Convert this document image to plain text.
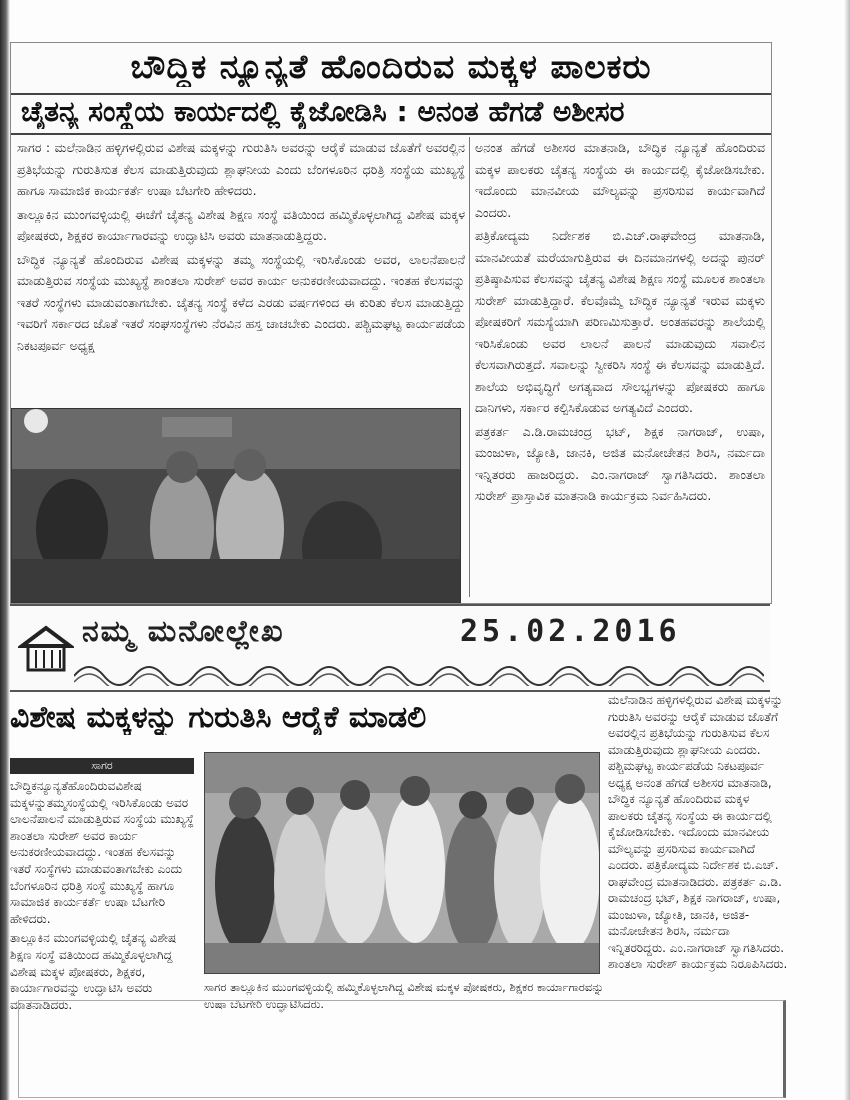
ಬೌದ್ಧಿಕ ನ್ಯೂನ್ಯತೆ ಹೊಂದಿರುವ ಮಕ್ಕಳ ಪಾಲಕರು
ಚೈತನ್ಯ ಸಂಸ್ಥೆಯ ಕಾರ್ಯದಲ್ಲಿ ಕೈಜೋಡಿಸಿ : ಅನಂತ ಹೆಗಡೆ ಅಶೀಸರ

ಸಾಗರ : ಮಲೆನಾಡಿನ ಹಳ್ಳಿಗಳಲ್ಲಿರುವ ವಿಶೇಷ ಮಕ್ಕಳನ್ನು ಗುರುತಿಸಿ ಅವರನ್ನು ಆರೈಕೆ ಮಾಡುವ ಜೊತೆಗೆ ಅವರಲ್ಲಿನ ಪ್ರತಿಭೆಯನ್ನು ಗುರುತಿಸುತ ಕೆಲಸ ಮಾಡುತ್ತಿರುವುದು ಶ್ಲಾಘನೀಯ ಎಂದು ಬೆಂಗಳೂರಿನ ಧರಿತ್ರಿ ಸಂಸ್ಥೆಯ ಮುಖ್ಯಸ್ಥೆ ಹಾಗೂ ಸಾಮಾಜಿಕ ಕಾರ್ಯಕರ್ತೆ ಉಷಾ ಬೆಟಗೇರಿ ಹೇಳಿದರು.

ತಾಲ್ಲೂಕಿನ ಮುಂಗವಳ್ಳಿಯಲ್ಲಿ ಈಚೆಗೆ ಚೈತನ್ಯ ವಿಶೇಷ ಶಿಕ್ಷಣ ಸಂಸ್ಥೆ ವತಿಯಿಂದ ಹಮ್ಮಿಕೊಳ್ಳಲಾಗಿದ್ದ ವಿಶೇಷ ಮಕ್ಕಳ ಪೋಷಕರು, ಶಿಕ್ಷಕರ ಕಾರ್ಯಾಗಾರವನ್ನು ಉದ್ಘಾಟಿಸಿ ಅವರು ಮಾತನಾಡುತ್ತಿದ್ದರು.

ಬೌದ್ಧಿಕ ನ್ಯೂನ್ಯತೆ ಹೊಂದಿರುವ ವಿಶೇಷ ಮಕ್ಕಳನ್ನು ತಮ್ಮ ಸಂಸ್ಥೆಯಲ್ಲಿ ಇರಿಸಿಕೊಂಡು ಅವರ, ಲಾಲನೆಪಾಲನೆ ಮಾಡುತ್ತಿರುವ ಸಂಸ್ಥೆಯ ಮುಖ್ಯಸ್ಥೆ ಶಾಂತಲಾ ಸುರೇಶ್ ಅವರ ಕಾರ್ಯ ಅನುಕರಣೀಯವಾದದ್ದು. ಇಂತಹ ಕೆಲಸವನ್ನು ಇತರೆ ಸಂಸ್ಥೆಗಳು ಮಾಡುವಂತಾಗಬೇಕು. ಚೈತನ್ಯ ಸಂಸ್ಥೆ ಕಳೆದ ಎರಡು ವರ್ಷಗಳಿಂದ ಈ ಕುರಿತು ಕೆಲಸ ಮಾಡುತ್ತಿದ್ದು ಇವರಿಗೆ ಸರ್ಕಾರದ ಜೊತೆ ಇತರೆ ಸಂಘಸಂಸ್ಥೆಗಳು ನೆರವಿನ ಹಸ್ತ ಚಾಚಬೇಕು ಎಂದರು. ಪಶ್ಚಿಮಘಟ್ಟ ಕಾರ್ಯಪಡೆಯ ನಿಕಟಪೂರ್ವ ಅಧ್ಯಕ್ಷ

ಅನಂತ ಹೆಗಡೆ ಅಶೀಸರ ಮಾತನಾಡಿ, ಬೌದ್ಧಿಕ ನ್ಯೂನ್ಯತೆ ಹೊಂದಿರುವ ಮಕ್ಕಳ ಪಾಲಕರು ಚೈತನ್ಯ ಸಂಸ್ಥೆಯ ಈ ಕಾರ್ಯದಲ್ಲಿ ಕೈಜೋಡಿಸಬೇಕು. ಇದೊಂದು ಮಾನವೀಯ ಮೌಲ್ಯವನ್ನು ಪ್ರಸರಿಸುವ ಕಾರ್ಯವಾಗಿದೆ ಎಂದರು.

ಪತ್ರಿಕೋದ್ಯಮ ನಿರ್ದೇಶಕ ಬಿ.ಎಚ್.ರಾಘವೇಂದ್ರ ಮಾತನಾಡಿ, ಮಾನವೀಯತೆ ಮರೆಯಾಗುತ್ತಿರುವ ಈ ದಿನಮಾನಗಳಲ್ಲಿ ಅದನ್ನು ಪುನರ್ ಪ್ರತಿಷ್ಠಾಪಿಸುವ ಕೆಲಸವನ್ನು ಚೈತನ್ಯ ವಿಶೇಷ ಶಿಕ್ಷಣ ಸಂಸ್ಥೆ ಮೂಲಕ ಶಾಂತಲಾ ಸುರೇಶ್ ಮಾಡುತ್ತಿದ್ದಾರೆ. ಕೆಲವೊಮ್ಮೆ ಬೌದ್ಧಿಕ ನ್ಯೂನ್ಯತೆ ಇರುವ ಮಕ್ಕಳು ಪೋಷಕರಿಗೆ ಸಮಸ್ಯೆಯಾಗಿ ಪರಿಣಮಿಸುತ್ತಾರೆ. ಅಂತಹವರನ್ನು ಶಾಲೆಯಲ್ಲಿ ಇರಿಸಿಕೊಂಡು ಅವರ ಲಾಲನೆ ಪಾಲನೆ ಮಾಡುವುದು ಸವಾಲಿನ ಕೆಲಸವಾಗಿರುತ್ತದೆ. ಸವಾಲನ್ನು ಸ್ವೀಕರಿಸಿ ಸಂಸ್ಥೆ ಈ ಕೆಲಸವನ್ನು ಮಾಡುತ್ತಿದೆ. ಶಾಲೆಯ ಅಭಿವೃದ್ಧಿಗೆ ಅಗತ್ಯವಾದ ಸೌಲಭ್ಯಗಳನ್ನು ಪೋಷಕರು ಹಾಗೂ ದಾನಿಗಳು, ಸರ್ಕಾರ ಕಲ್ಪಿಸಿಕೊಡುವ ಅಗತ್ಯವಿದೆ ಎಂದರು.

ಪತ್ರಕರ್ತ ಎ.ಡಿ.ರಾಮಚಂದ್ರ ಭಟ್, ಶಿಕ್ಷಕ ನಾಗರಾಜ್, ಉಷಾ, ಮಂಜುಳಾ, ಜ್ಯೋತಿ, ಜಾನಕಿ, ಅಜಿತ ಮನೋಚೇತನ ಶಿರಸಿ, ನರ್ಮದಾ ಇನ್ನಿತರರು ಹಾಜರಿದ್ದರು. ಎಂ.ನಾಗರಾಜ್ ಸ್ವಾಗತಿಸಿದರು. ಶಾಂತಲಾ ಸುರೇಶ್ ಪ್ರಾಸ್ತಾವಿಕ ಮಾತನಾಡಿ ಕಾರ್ಯಕ್ರಮ ನಿರ್ವಹಿಸಿದರು.

ನಮ್ಮ ಮನೋಲ್ಲೇಖ	25.02.2016
ವಿಶೇಷ ಮಕ್ಕಳನ್ನು ಗುರುತಿಸಿ ಆರೈಕೆ ಮಾಡಲಿ
ಸಾಗರ

ಬೌದ್ಧಿಕನ್ಯೂನ್ಯತೆಹೊಂದಿರುವವಿಶೇಷ ಮಕ್ಕಳನ್ನುತಮ್ಮಸಂಸ್ಥೆಯಲ್ಲಿ ಇರಿಸಿಕೊಂಡು ಅವರ ಲಾಲನೆಪಾಲನೆ ಮಾಡುತ್ತಿರುವ ಸಂಸ್ಥೆಯ ಮುಖ್ಯಸ್ಥೆ ಶಾಂತಲಾ ಸುರೇಶ್ ಅವರ ಕಾರ್ಯ ಅನುಕರಣೀಯವಾದದ್ದು. ಇಂತಹ ಕೆಲಸವನ್ನು ಇತರೆ ಸಂಸ್ಥೆಗಳು ಮಾಡುವಂತಾಗಬೇಕು ಎಂದು ಬೆಂಗಳೂರಿನ ಧರಿತ್ರಿ ಸಂಸ್ಥೆ ಮುಖ್ಯಸ್ಥೆ ಹಾಗೂ ಸಾಮಾಜಿಕ ಕಾರ್ಯಕರ್ತೆ ಉಷಾ ಬೆಟಗೇರಿ ಹೇಳಿದರು.

ತಾಲ್ಲೂಕಿನ ಮುಂಗವಳ್ಳಿಯಲ್ಲಿ ಚೈತನ್ಯ ವಿಶೇಷ ಶಿಕ್ಷಣ ಸಂಸ್ಥೆ ವತಿಯಿಂದ ಹಮ್ಮಿಕೊಳ್ಳಲಾಗಿದ್ದ ವಿಶೇಷ ಮಕ್ಕಳ ಪೋಷಕರು, ಶಿಕ್ಷಕರ, ಕಾರ್ಯಾಗಾರವನ್ನು ಉದ್ಘಾಟಿಸಿ ಅವರು ಮಾತನಾಡಿದರು.

ಸಾಗರ ತಾಲ್ಲೂಕಿನ ಮುಂಗವಳ್ಳಿಯಲ್ಲಿ ಹಮ್ಮಿಕೊಳ್ಳಲಾಗಿದ್ದ ವಿಶೇಷ ಮಕ್ಕಳ ಪೋಷಕರು, ಶಿಕ್ಷಕರ ಕಾರ್ಯಾಗಾರವನ್ನು ಉಷಾ ಬೆಟಗೇರಿ ಉದ್ಘಾಟಿಸಿದರು.

ಮಲೆನಾಡಿನ ಹಳ್ಳಿಗಳಲ್ಲಿರುವ ವಿಶೇಷ ಮಕ್ಕಳನ್ನು ಗುರುತಿಸಿ ಅವರನ್ನು ಆರೈಕೆ ಮಾಡುವ ಜೊತೆಗೆ ಅವರಲ್ಲಿನ ಪ್ರತಿಭೆಯನ್ನು ಗುರುತಿಸುವ ಕೆಲಸ ಮಾಡುತ್ತಿರುವುದು ಶ್ಲಾಘನೀಯ ಎಂದರು. ಪಶ್ಚಿಮಘಟ್ಟ ಕಾರ್ಯಪಡೆಯ ನಿಕಟಪೂರ್ವ ಅಧ್ಯಕ್ಷ ಅನಂತ ಹೆಗಡೆ ಅಶೀಸರ ಮಾತನಾಡಿ, ಬೌದ್ಧಿಕ ನ್ಯೂನ್ಯತೆ ಹೊಂದಿರುವ ಮಕ್ಕಳ ಪಾಲಕರು ಚೈತನ್ಯ ಸಂಸ್ಥೆಯ ಈ ಕಾರ್ಯದಲ್ಲಿ ಕೈಜೋಡಿಸಬೇಕು. ಇದೊಂದು ಮಾನವೀಯ ಮೌಲ್ಯವನ್ನು ಪ್ರಸರಿಸುವ ಕಾರ್ಯವಾಗಿದೆ ಎಂದರು. ಪತ್ರಿಕೋದ್ಯಮ ನಿರ್ದೇಶಕ ಬಿ.ಎಚ್. ರಾಘವೇಂದ್ರ ಮಾತನಾಡಿದರು. ಪತ್ರಕರ್ತ ಎ.ಡಿ. ರಾಮಚಂದ್ರ ಭಟ್, ಶಿಕ್ಷಕ ನಾಗರಾಜ್, ಉಷಾ, ಮಂಜುಳಾ, ಜ್ಯೋತಿ, ಜಾನಕಿ, ಅಜಿತ-ಮನೋಚೇತನ ಶಿರಸಿ, ನರ್ಮದಾ ಇನ್ನಿತರರಿದ್ದರು. ಎಂ.ನಾಗರಾಜ್ ಸ್ವಾಗತಿಸಿದರು. ಶಾಂತಲಾ ಸುರೇಶ್ ಕಾರ್ಯಕ್ರಮ ನಿರೂಪಿಸಿದರು.
